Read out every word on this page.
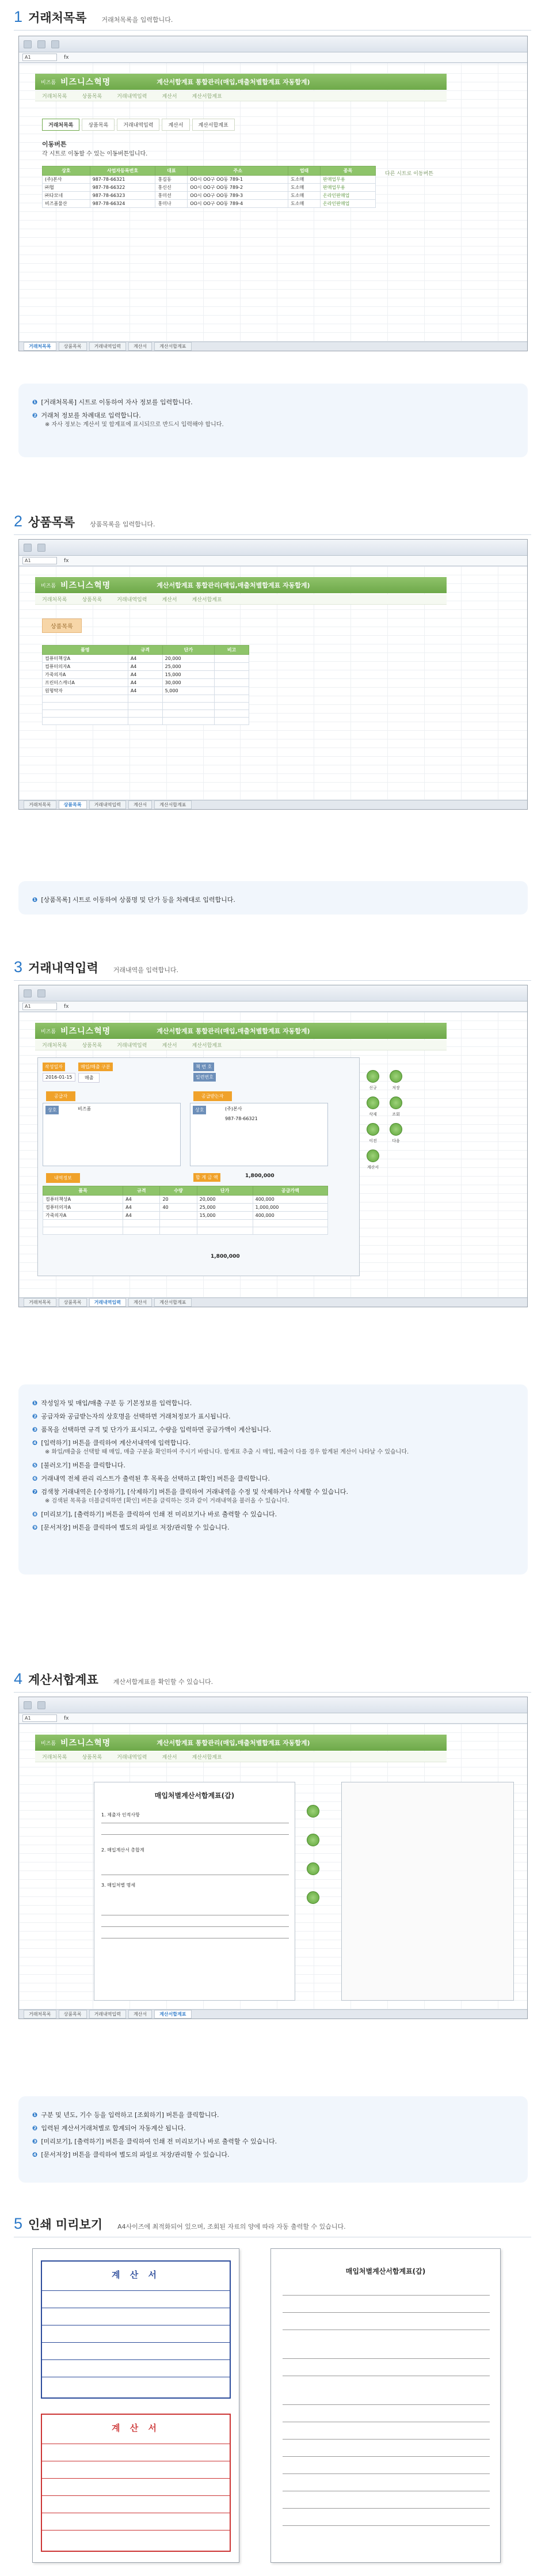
1 거래처목록 거래처목록을 입력합니다.
A1	fx
비즈폼 비즈니스혁명	계산서합계표 통합관리(매입,매출처별합계표 자동합계)
거래처목록	상품목록	거래내역입력	계산서	계산서합계표
거래처목록	상품목록	거래내역입력	계산서	계산서합계표
이동버튼
각 시트로 이동할 수 있는 이동버튼입니다.
다른 시트로 이동버튼
상호	사업자등록번호	대표	주소	업태	종목
(주)본사	987-78-66321	홍길동	OO시 OO구 OO동 789-1	도소매	판매업무용
㈜협	987-78-66322	홍신신	OO시 OO구 OO동 789-2	도소매	판매업무용
㈜다모네	987-78-66323	홍미선	OO시 OO구 OO동 789-3	도소매	온라인판매업
비즈폼물산	987-78-66324	홍미나	OO시 OO구 OO동 789-4	도소매	온라인판매업
거래처목록	상품목록	거래내역입력	계산서	계산서합계표
❶ [거래처목록] 시트로 이동하여 자사 정보를 입력합니다.
❷ 거래처 정보를 차례대로 입력합니다.
※ 자사 정보는 계산서 및 합계표에 표시되므로 반드시 입력해야 합니다.
2 상품목록 상품목록을 입력합니다.
A1	fx
비즈폼 비즈니스혁명	계산서합계표 통합관리(매입,매출처별합계표 자동합계)
거래처목록	상품목록	거래내역입력	계산서	계산서합계표
상품목록
품명	규격	단가	비고
컴퓨터책상A	A4	20,000	
컴퓨터의자A	A4	25,000	
가죽의자A	A4	15,000	
프린터스캐너A	A4	30,000	
원형탁자	A4	5,000	

거래처목록	상품목록	거래내역입력	계산서	계산서합계표
❶ [상품목록] 시트로 이동하여 상품명 및 단가 등을 차례대로 입력합니다.
3 거래내역입력 거래내역을 입력합니다.
A1	fx
비즈폼 비즈니스혁명	계산서합계표 통합관리(매입,매출처별합계표 자동합계)
거래처목록	상품목록	거래내역입력	계산서	계산서합계표
작성일자	매입/매출 구분
2016-01-15	매출
책 번 호
일련번호
공급자	공급받는자
상호	비즈폼	상호	(주)본사
987-78-66321
내역정보	합 계 금 액	1,800,000
품목	규격	수량	단가	공급가액
컴퓨터책상A	A4	20	20,000	400,000
컴퓨터의자A	A4	40	25,000	1,000,000
가죽의자A	A4		15,000	400,000

1,800,000
신규	저장
삭제	조회
이전	다음
계산서
거래처목록	상품목록	거래내역입력	계산서	계산서합계표
❶ 작성일자 및 매입/매출 구분 등 기본정보를 입력합니다.
❷ 공급자와 공급받는자의 상호명을 선택하면 거래처정보가 표시됩니다.
❸ 품목을 선택하면 규격 및 단가가 표시되고, 수량을 입력하면 공급가액이 계산됩니다.
❹ [입력하기] 버튼을 클릭하여 계산서내역에 입력합니다.
※ 화입/매출을 선택할 때 매입, 매출 구분을 확인하여 주시기 바랍니다. 합계표 추출 시 매입, 매출이 다를 경우 합계된 계산이 나타날 수 있습니다.
❺ [불러오기] 버튼을 클릭합니다.
❻ 거래내역 전체 관리 리스트가 출력된 후 목록을 선택하고 [확인] 버튼을 클릭합니다.
❼ 검색창 거래내역은 [수정하기], [삭제하기] 버튼을 클릭하여 거래내역을 수정 및 삭제하거나 삭제할 수 있습니다.
※ 검색된 목록을 더블클릭하면 [확인] 버튼을 클릭하는 것과 같이 거래내역을 불러올 수 있습니다.
❽ [미리보기], [출력하기] 버튼을 클릭하여 인쇄 전 미리보기나 바로 출력할 수 있습니다.
❾ [문서저장] 버튼을 클릭하여 별도의 파일로 저장/관리할 수 있습니다.
4 계산서합계표 계산서합계표를 확인할 수 있습니다.
A1	fx
비즈폼 비즈니스혁명	계산서합계표 통합관리(매입,매출처별합계표 자동합계)
거래처목록	상품목록	거래내역입력	계산서	계산서합계표
매입처별계산서합계표(갑)
1. 제출자 인적사항
2. 매입계산서 총합계
3. 매입처별 명세
거래처목록	상품목록	거래내역입력	계산서	계산서합계표
❶ 구분 및 년도, 기수 등을 입력하고 [조회하기] 버튼을 클릭합니다.
❷ 입력된 계산서거래처별로 합계되어 자동계산 됩니다.
❸ [미리보기], [출력하기] 버튼을 클릭하여 인쇄 전 미리보기나 바로 출력할 수 있습니다.
❹ [문서저장] 버튼을 클릭하여 별도의 파일로 저장/관리할 수 있습니다.
5 인쇄 미리보기 A4사이즈에 최적화되어 있으며, 조회된 자료의 양에 따라 자동 출력할 수 있습니다.
계 산 서
계 산 서
매입처별계산서합계표(갑)
